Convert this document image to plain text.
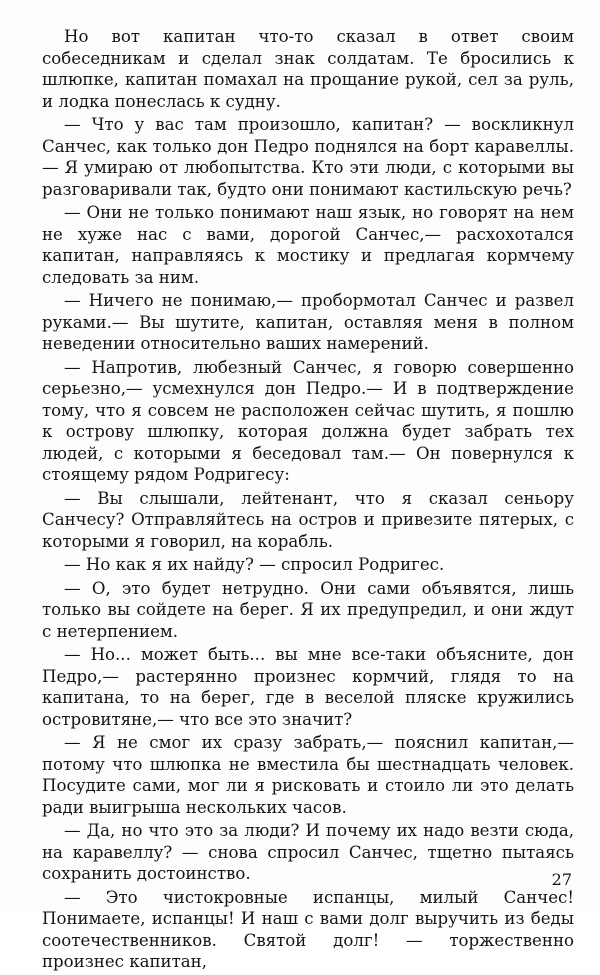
Но вот капитан что-то сказал в ответ своим собеседникам и сделал знак солдатам. Те бросились к шлюпке, капитан помахал на прощание рукой, сел за руль, и лодка понеслась к судну.

— Что у вас там произошло, капитан? — воскликнул Санчес, как только дон Педро поднялся на борт каравеллы.— Я умираю от любопытства. Кто эти люди, с которыми вы разговаривали так, будто они понимают кастильскую речь?

— Они не только понимают наш язык, но говорят на нем не хуже нас с вами, дорогой Санчес,— расхохотался капитан, направляясь к мостику и предлагая кормчему следовать за ним.

— Ничего не понимаю,— пробормотал Санчес и развел руками.— Вы шутите, капитан, оставляя меня в полном неведении относительно ваших намерений.

— Напротив, любезный Санчес, я говорю совершенно серьезно,— усмехнулся дон Педро.— И в подтверждение тому, что я совсем не расположен сейчас шутить, я пошлю к острову шлюпку, которая должна будет забрать тех людей, с которыми я беседовал там.— Он повернулся к стоящему рядом Родригесу:

— Вы слышали, лейтенант, что я сказал сеньору Санчесу? Отправляйтесь на остров и привезите пятерых, с которыми я говорил, на корабль.

— Но как я их найду? — спросил Родригес.

— О, это будет нетрудно. Они сами объявятся, лишь только вы сойдете на берег. Я их предупредил, и они ждут с нетерпением.

— Но... может быть... вы мне все-таки объясните, дон Педро,— растерянно произнес кормчий, глядя то на капитана, то на берег, где в веселой пляске кружились островитяне,— что все это значит?

— Я не смог их сразу забрать,— пояснил капитан,— потому что шлюпка не вместила бы шестнадцать человек. Посудите сами, мог ли я рисковать и стоило ли это делать ради выигрыша нескольких часов.

— Да, но что это за люди? И почему их надо везти сюда, на каравеллу? — снова спросил Санчес, тщетно пытаясь сохранить достоинство.

— Это чистокровные испанцы, милый Санчес! Понимаете, испанцы! И наш с вами долг выручить из беды соотечественников. Святой долг! — торжественно произнес капитан,

27
